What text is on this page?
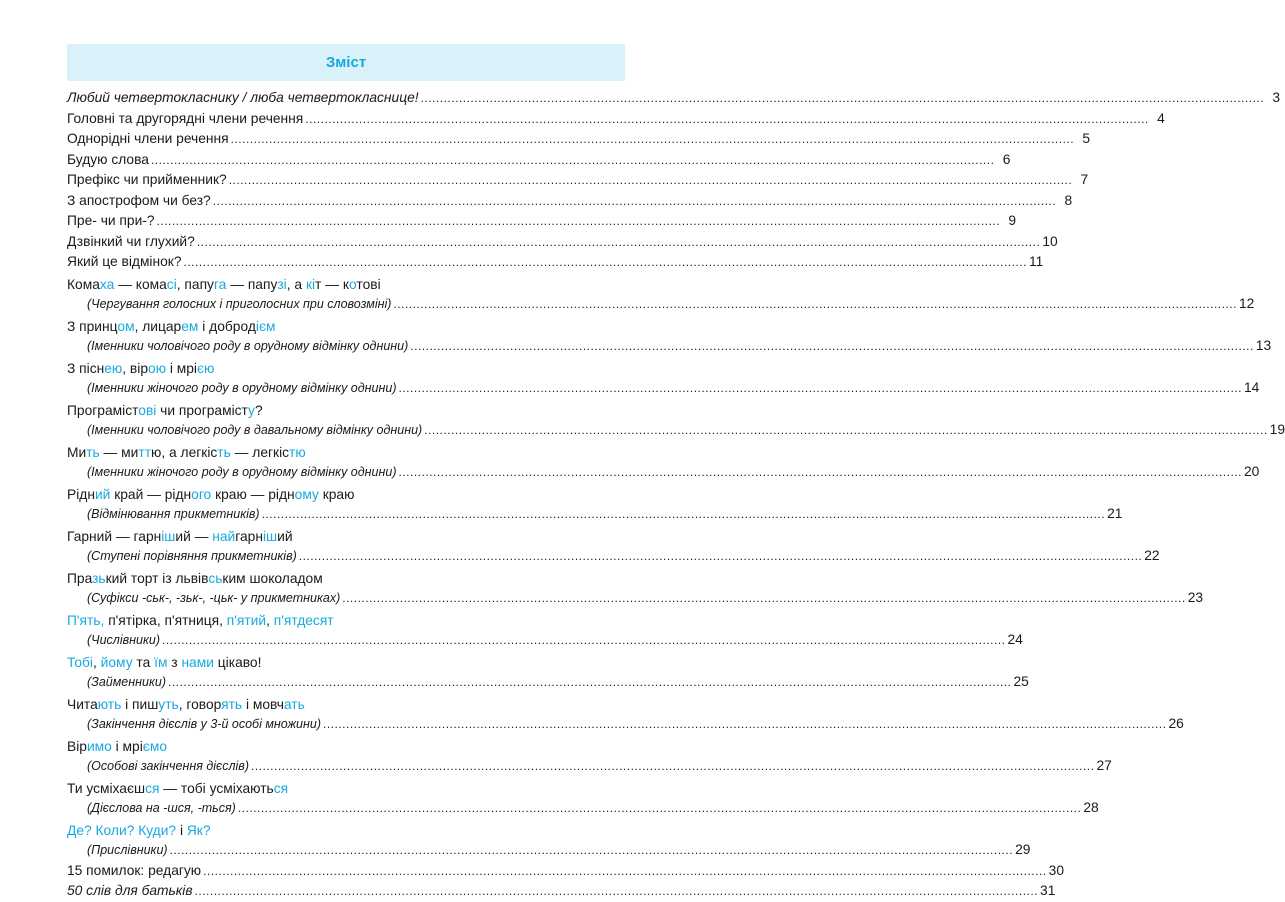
Зміст
Любий четвертокласнику / люба четвертокласнице! ............................................................................................................................................................................................................................ 3
Головні та другорядні члени речення ............................................................................................................................................................................................................................ 4
Однорідні члени речення ............................................................................................................................................................................................................................ 5
Будую слова ............................................................................................................................................................................................................................ 6
Префікс чи прийменник? ............................................................................................................................................................................................................................ 7
З апострофом чи без? ............................................................................................................................................................................................................................ 8
Пре- чи при-? ............................................................................................................................................................................................................................ 9
Дзвінкий чи глухий? ............................................................................................................................................................................................................................ 10
Який це відмінок? ............................................................................................................................................................................................................................ 11
Комаха — комасі, папуга — папузі, а кіт — котові
(Чергування голосних і приголосних при словозміні) ............................................................................................................................................................................................................................ 12
З принцом, лицарем і добродієм
(Іменники чоловічого роду в орудному відмінку однини) ............................................................................................................................................................................................................................ 13
З піснею, вірою і мрією
(Іменники жіночого роду в орудному відмінку однини) ............................................................................................................................................................................................................................ 14
Програмістові чи програмісту?
(Іменники чоловічого роду в давальному відмінку однини) ............................................................................................................................................................................................................................ 19
Мить — миттю, а легкість — легкістю
(Іменники жіночого роду в орудному відмінку однини) ............................................................................................................................................................................................................................ 20
Рідний край — рідного краю — рідному краю
(Відмінювання прикметників) ............................................................................................................................................................................................................................ 21
Гарний — гарніший — найгарніший
(Ступені порівняння прикметників) ............................................................................................................................................................................................................................ 22
Празький торт із львівським шоколадом
(Суфікси -ськ-, -зьк-, -цьк- у прикметниках) ............................................................................................................................................................................................................................ 23
П'ять, п'ятірка, п'ятниця, п'ятий, п'ятдесят
(Числівники) ............................................................................................................................................................................................................................ 24
Тобі, йому та їм з нами цікаво!
(Займенники) ............................................................................................................................................................................................................................ 25
Читають і пишуть, говорять і мовчать
(Закінчення дієслів у 3-й особі множини) ............................................................................................................................................................................................................................ 26
Віримо і мріємо
(Особові закінчення дієслів) ............................................................................................................................................................................................................................ 27
Ти усміхаєшся — тобі усміхаються
(Дієслова на -шся, -ться) ............................................................................................................................................................................................................................ 28
Де? Коли? Куди? і Як?
(Прислівники) ............................................................................................................................................................................................................................ 29
15 помилок: редагую ............................................................................................................................................................................................................................ 30
50 слів для батьків ............................................................................................................................................................................................................................ 31
